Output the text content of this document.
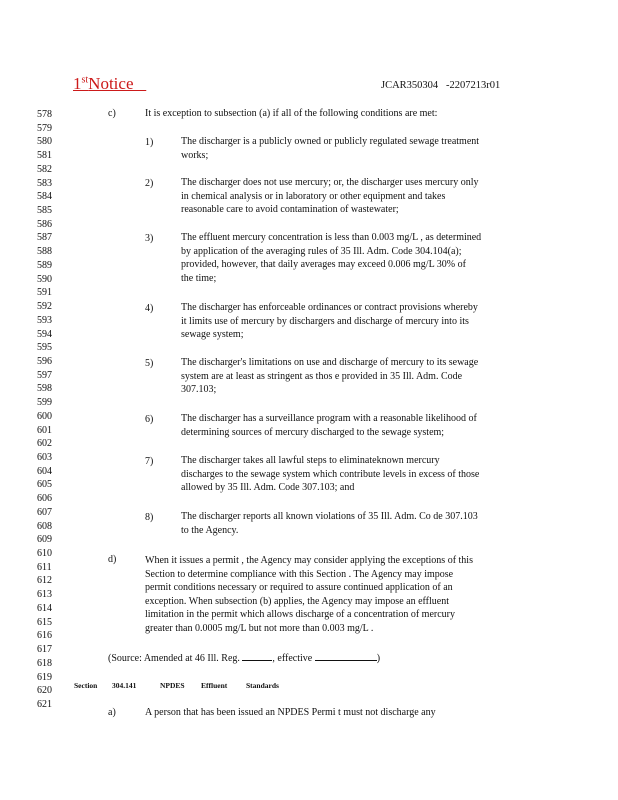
1stNotice	JCAR350304   -2207213r01
578
579
580
581
582
583
584
585
586
587
588
589
590
591
592
593
594
595
596
597
598
599
600
601
602
603
604
605
606
607
608
609
610
611
612
613
614
615
616
617
618
619
620
621
c)	It is exception to subsection (a) if all of the following conditions are met:
1)	The discharger is a publicly owned or publicly regulated sewage treatment
works;
2)	The discharger does not use mercury; or, the discharger uses mercury only
in chemical analysis or in laboratory or other equipment and takes
reasonable care to avoid contamination of wastewater;
3)	The effluent mercury concentration is less than 0.003 mg/L , as determined
by application of the averaging rules of 35 Ill. Adm. Code 304.104(a);
provided, however, that daily averages may exceed 0.006 mg/L 30% of
the time;
4)	The discharger has enforceable ordinances or contract provisions whereby
it limits use of mercury by dischargers and discharge of mercury into its
sewage system;
5)	The discharger's limitations on use and discharge of mercury to its sewage
system are at least as stringent as thos e provided in 35 Ill. Adm. Code
307.103;
6)	The discharger has a surveillance program with a reasonable likelihood of
determining sources of mercury discharged to the sewage system;
7)	The discharger takes all lawful steps to eliminateknown mercury
discharges to the sewage system which contribute levels in excess of those
allowed by 35 Ill. Adm. Code 307.103; and
8)	The discharger reports all known violations of 35 Ill. Adm. Co de 307.103
to the Agency.
d)	When it issues a permit , the Agency may consider applying the exceptions of this
Section to determine compliance with this Section . The Agency may impose
permit conditions necessary or required to assure continued application of an
exception. When subsection (b) applies, the Agency may impose an effluent
limitation in the permit which allows discharge of a concentration of mercury
greater than 0.0005 mg/L but not more than 0.003 mg/L .
(Source: Amended at 46 Ill. Reg.	, effective	)
Section 304.141	NPDES Effluent	Standards
a)	A person that has been issued an NPDES Permi t must not discharge any
